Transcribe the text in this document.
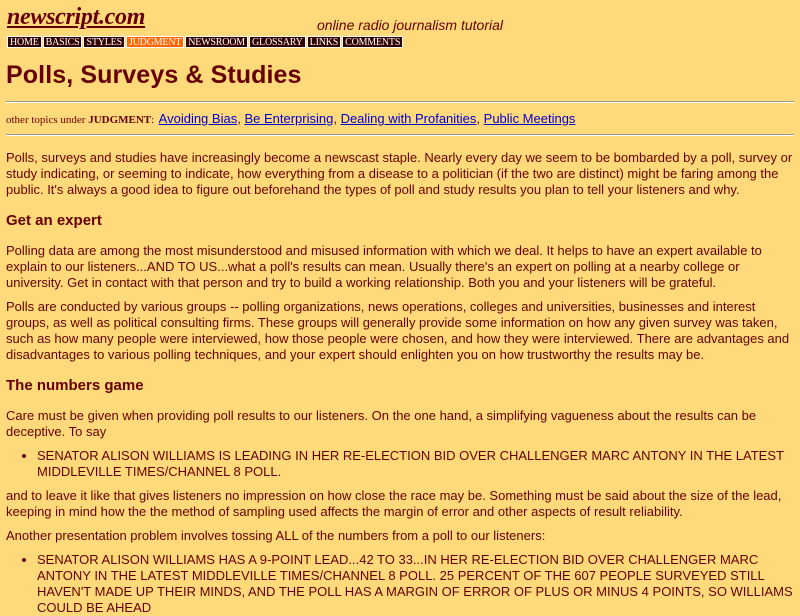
newscript.com	online radio journalism tutorial
HOME BASICS STYLES JUDGMENT NEWSROOM GLOSSARY LINKS COMMENTS
Polls, Surveys & Studies
other topics under JUDGMENT: Avoiding Bias, Be Enterprising, Dealing with Profanities, Public Meetings

Polls, surveys and studies have increasingly become a newscast staple. Nearly every day we seem to be bombarded by a poll, survey or study indicating, or seeming to indicate, how everything from a disease to a politician (if the two are distinct) might be faring among the public. It's always a good idea to figure out beforehand the types of poll and study results you plan to tell your listeners and why.

Get an expert

Polling data are among the most misunderstood and misused information with which we deal. It helps to have an expert available to explain to our listeners...AND TO US...what a poll's results can mean. Usually there's an expert on polling at a nearby college or university. Get in contact with that person and try to build a working relationship. Both you and your listeners will be grateful.

Polls are conducted by various groups -- polling organizations, news operations, colleges and universities, businesses and interest groups, as well as political consulting firms. These groups will generally provide some information on how any given survey was taken, such as how many people were interviewed, how those people were chosen, and how they were interviewed. There are advantages and disadvantages to various polling techniques, and your expert should enlighten you on how trustworthy the results may be.

The numbers game

Care must be given when providing poll results to our listeners. On the one hand, a simplifying vagueness about the results can be deceptive. To say

• SENATOR ALISON WILLIAMS IS LEADING IN HER RE-ELECTION BID OVER CHALLENGER MARC ANTONY IN THE LATEST MIDDLEVILLE TIMES/CHANNEL 8 POLL.

and to leave it like that gives listeners no impression on how close the race may be. Something must be said about the size of the lead, keeping in mind how the the method of sampling used affects the margin of error and other aspects of result reliability.

Another presentation problem involves tossing ALL of the numbers from a poll to our listeners:

• SENATOR ALISON WILLIAMS HAS A 9-POINT LEAD...42 TO 33...IN HER RE-ELECTION BID OVER CHALLENGER MARC ANTONY IN THE LATEST MIDDLEVILLE TIMES/CHANNEL 8 POLL. 25 PERCENT OF THE 607 PEOPLE SURVEYED STILL HAVEN'T MADE UP THEIR MINDS, AND THE POLL HAS A MARGIN OF ERROR OF PLUS OR MINUS 4 POINTS, SO WILLIAMS COULD BE AHEAD
